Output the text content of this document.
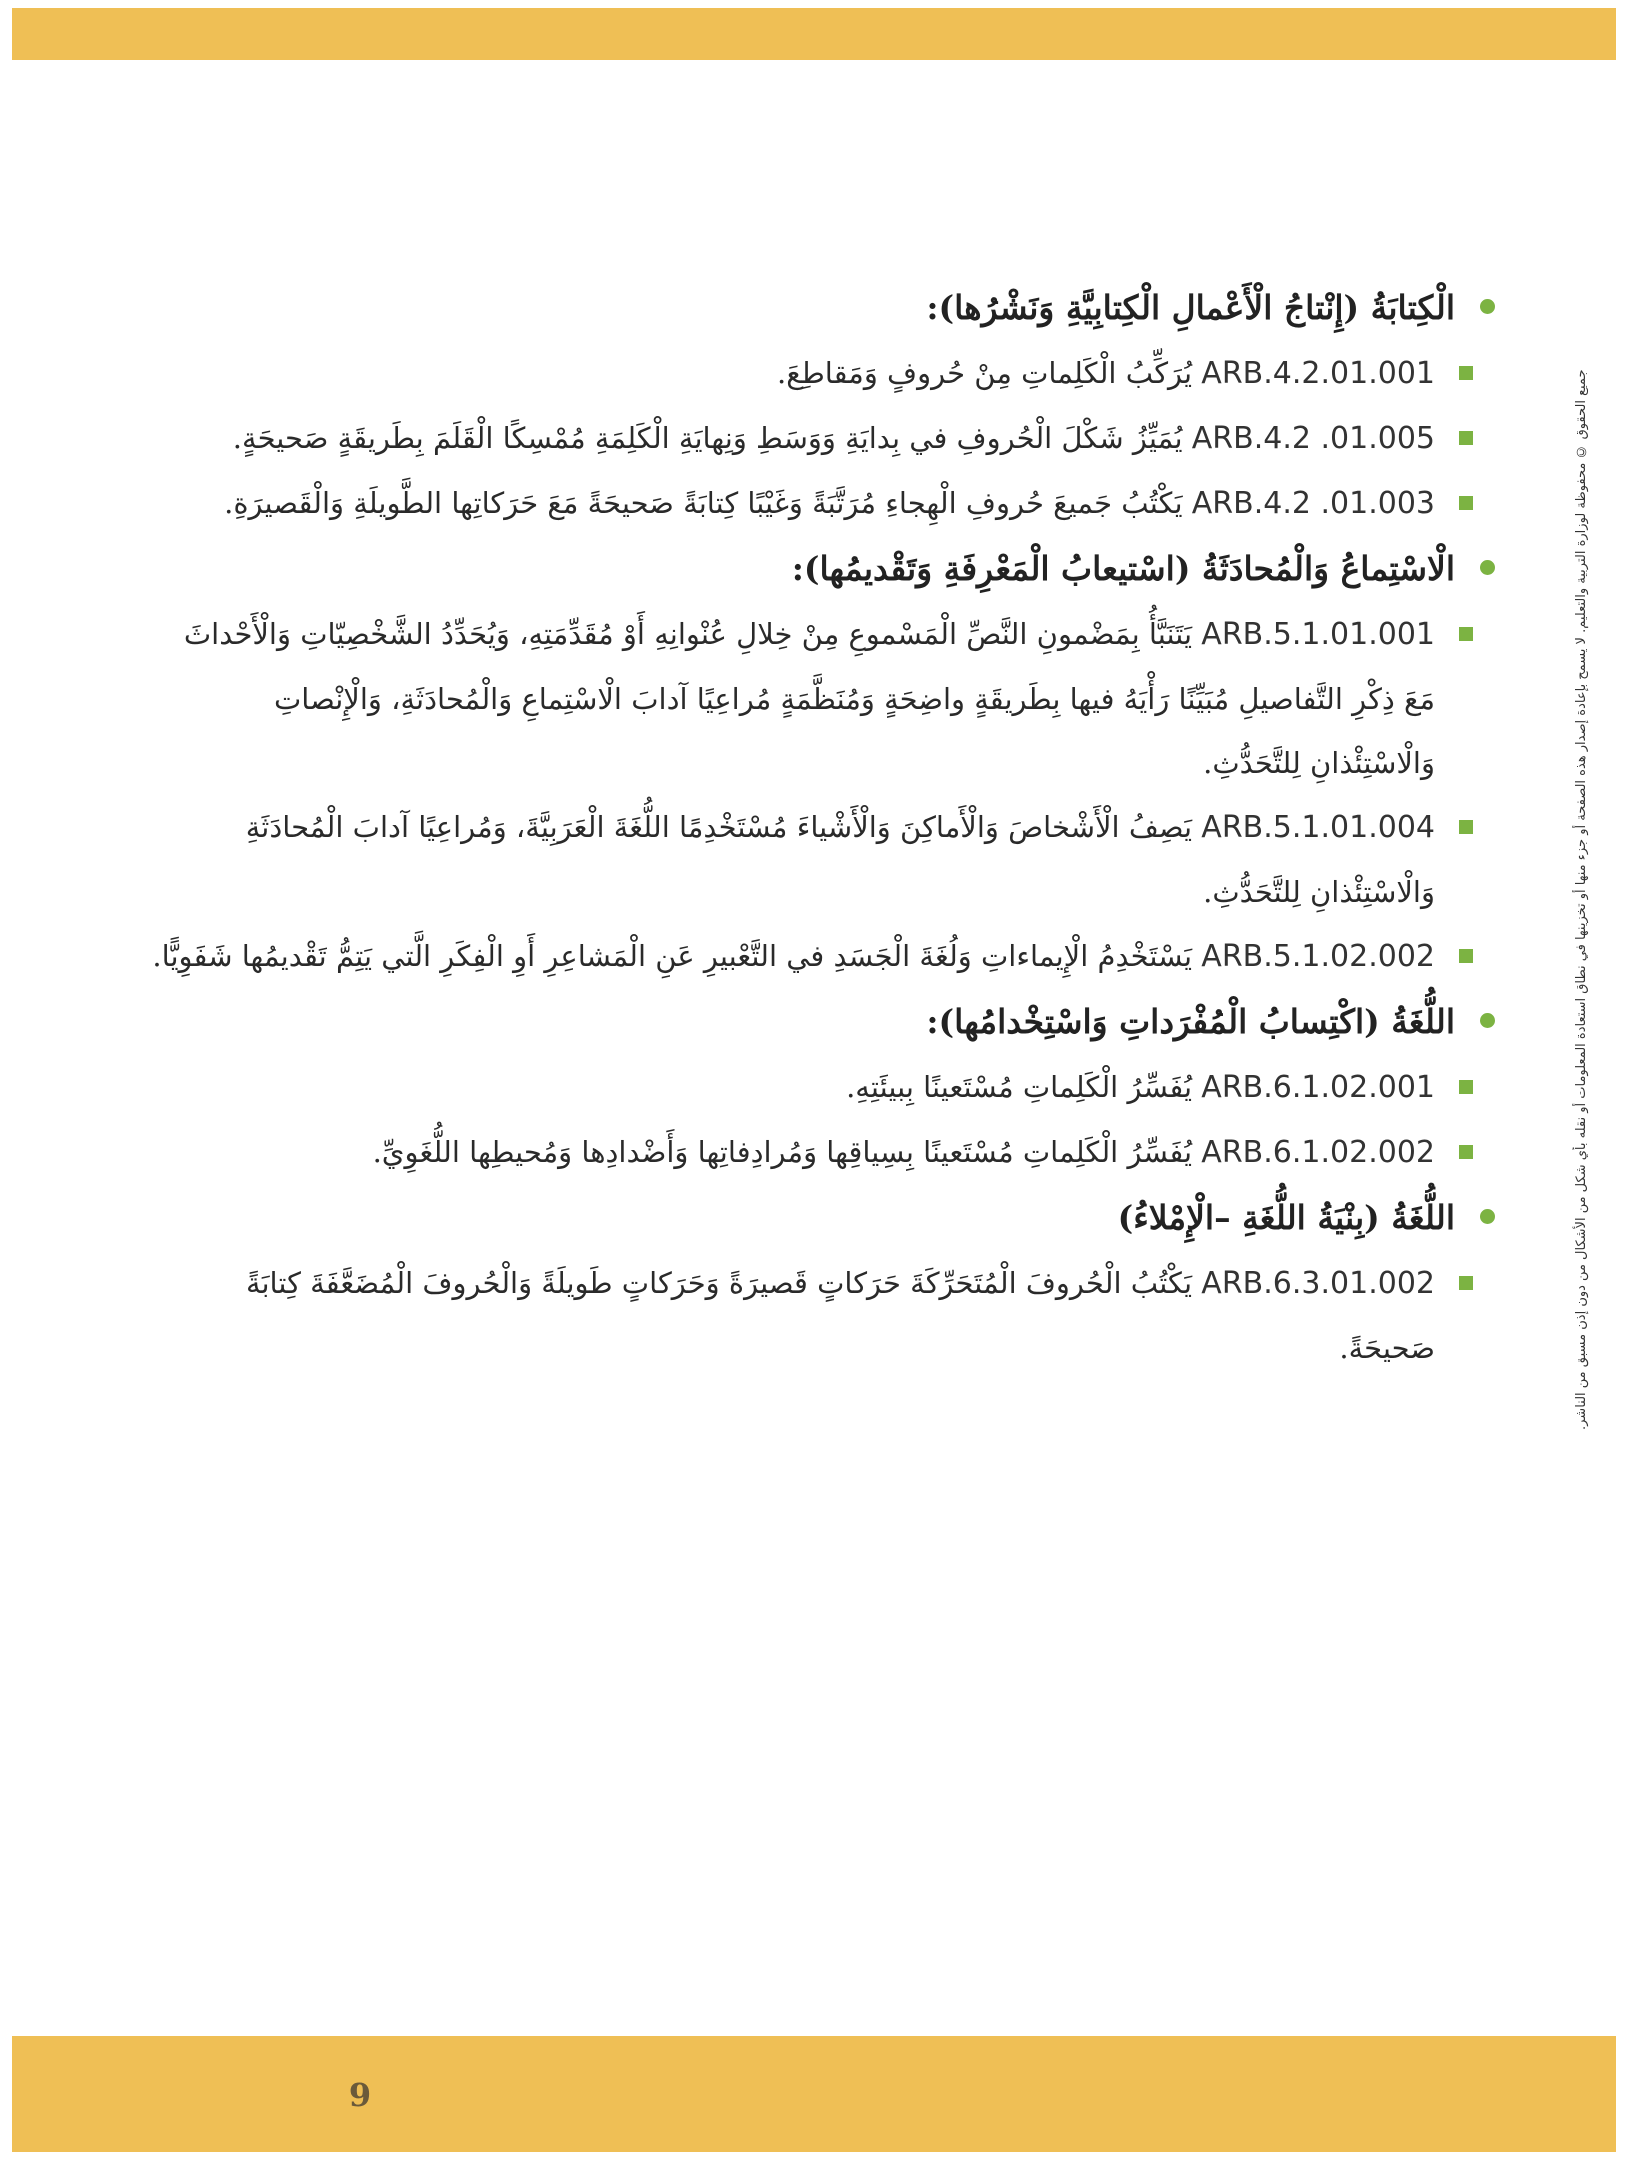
جميع الحقوق © محفوظة لوزارة التربية والتعليم. لا يسمح بإعادة إصدار هذه الصفحة أو جزء منها أو تخزينها في نطاق استعادة المعلومات أو نقله بأي شكل من الأشكال من دون إذن مسبق من الناشر.
الْكِتابَةُ (إِنْتاجُ الْأَعْمالِ الْكِتابِيَّةِ وَنَشْرُها):
ARB.4.2.01.001 يُرَكِّبُ الْكَلِماتِ مِنْ حُروفٍ وَمَقاطِعَ.
ARB.4.2 .01.005 يُمَيِّزُ شَكْلَ الْحُروفِ في بِدايَةِ وَوَسَطِ وَنِهايَةِ الْكَلِمَةِ مُمْسِكًا الْقَلَمَ بِطَريقَةٍ صَحيحَةٍ.
ARB.4.2 .01.003 يَكْتُبُ جَميعَ حُروفِ الْهِجاءِ مُرَتَّبَةً وَغَيْبًا كِتابَةً صَحيحَةً مَعَ حَرَكاتِها الطَّويلَةِ وَالْقَصيرَةِ.
الْاسْتِماعُ وَالْمُحادَثَةُ (اسْتيعابُ الْمَعْرِفَةِ وَتَقْديمُها):
ARB.5.1.01.001 يَتَنَبَّأُ بِمَضْمونِ النَّصِّ الْمَسْموعِ مِنْ خِلالِ عُنْوانِهِ أَوْ مُقَدِّمَتِهِ، وَيُحَدِّدُ الشَّخْصِيّاتِ وَالْأَحْداثَ مَعَ ذِكْرِ التَّفاصيلِ مُبَيِّنًا رَأْيَهُ فيها بِطَريقَةٍ واضِحَةٍ وَمُنَظَّمَةٍ مُراعِيًا آدابَ الْاسْتِماعِ وَالْمُحادَثَةِ، وَالْإِنْصاتِ وَالْاسْتِئْذانِ لِلتَّحَدُّثِ.
ARB.5.1.01.004 يَصِفُ الْأَشْخاصَ وَالْأَماكِنَ وَالْأَشْياءَ مُسْتَخْدِمًا اللُّغَةَ الْعَرَبِيَّةَ، وَمُراعِيًا آدابَ الْمُحادَثَةِ وَالْاسْتِئْذانِ لِلتَّحَدُّثِ.
ARB.5.1.02.002 يَسْتَخْدِمُ الْإِيماءاتِ وَلُغَةَ الْجَسَدِ في التَّعْبيرِ عَنِ الْمَشاعِرِ أَوِ الْفِكَرِ الَّتي يَتِمُّ تَقْديمُها شَفَوِيًّا.
اللُّغَةُ (اكْتِسابُ الْمُفْرَداتِ وَاسْتِخْدامُها):
ARB.6.1.02.001 يُفَسِّرُ الْكَلِماتِ مُسْتَعينًا بِبيئَتِهِ.
ARB.6.1.02.002 يُفَسِّرُ الْكَلِماتِ مُسْتَعينًا بِسِياقِها وَمُرادِفاتِها وَأَضْدادِها وَمُحيطِها اللُّغَوِيِّ.
اللُّغَةُ (بِنْيَةُ اللُّغَةِ –الْإِمْلاءُ)
ARB.6.3.01.002 يَكْتُبُ الْحُروفَ الْمُتَحَرِّكَةَ حَرَكاتٍ قَصيرَةً وَحَرَكاتٍ طَويلَةً وَالْحُروفَ الْمُضَعَّفَةَ كِتابَةً صَحيحَةً.
9
